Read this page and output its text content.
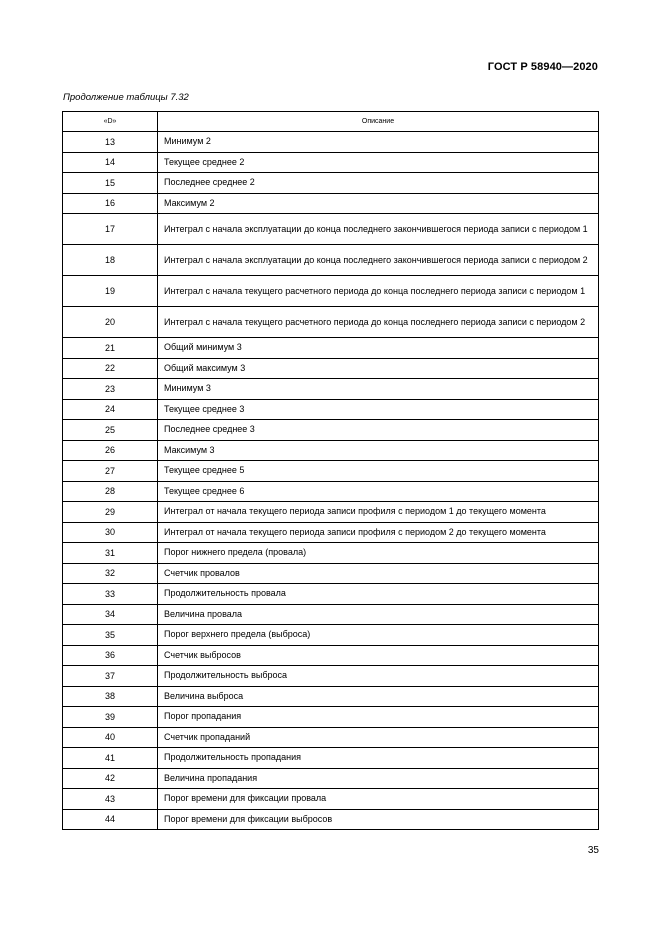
ГОСТ Р 58940—2020
Продолжение таблицы 7.32
«D»	Описание
13	Минимум 2
14	Текущее среднее 2
15	Последнее среднее 2
16	Максимум 2
17	Интеграл с начала эксплуатации до конца последнего закончившегося периода записи с периодом 1
18	Интеграл с начала эксплуатации до конца последнего закончившегося периода записи с периодом 2
19	Интеграл с начала текущего расчетного периода до конца последнего периода записи с периодом 1
20	Интеграл с начала текущего расчетного периода до конца последнего периода записи с периодом 2
21	Общий минимум 3
22	Общий максимум 3
23	Минимум 3
24	Текущее среднее 3
25	Последнее среднее 3
26	Максимум 3
27	Текущее среднее 5
28	Текущее среднее 6
29	Интеграл от начала текущего периода записи профиля с периодом 1 до текущего момента
30	Интеграл от начала текущего периода записи профиля с периодом 2 до текущего момента
31	Порог нижнего предела (провала)
32	Счетчик провалов
33	Продолжительность провала
34	Величина провала
35	Порог верхнего предела (выброса)
36	Счетчик выбросов
37	Продолжительность выброса
38	Величина выброса
39	Порог пропадания
40	Счетчик пропаданий
41	Продолжительность пропадания
42	Величина пропадания
43	Порог времени для фиксации провала
44	Порог времени для фиксации выбросов
35
